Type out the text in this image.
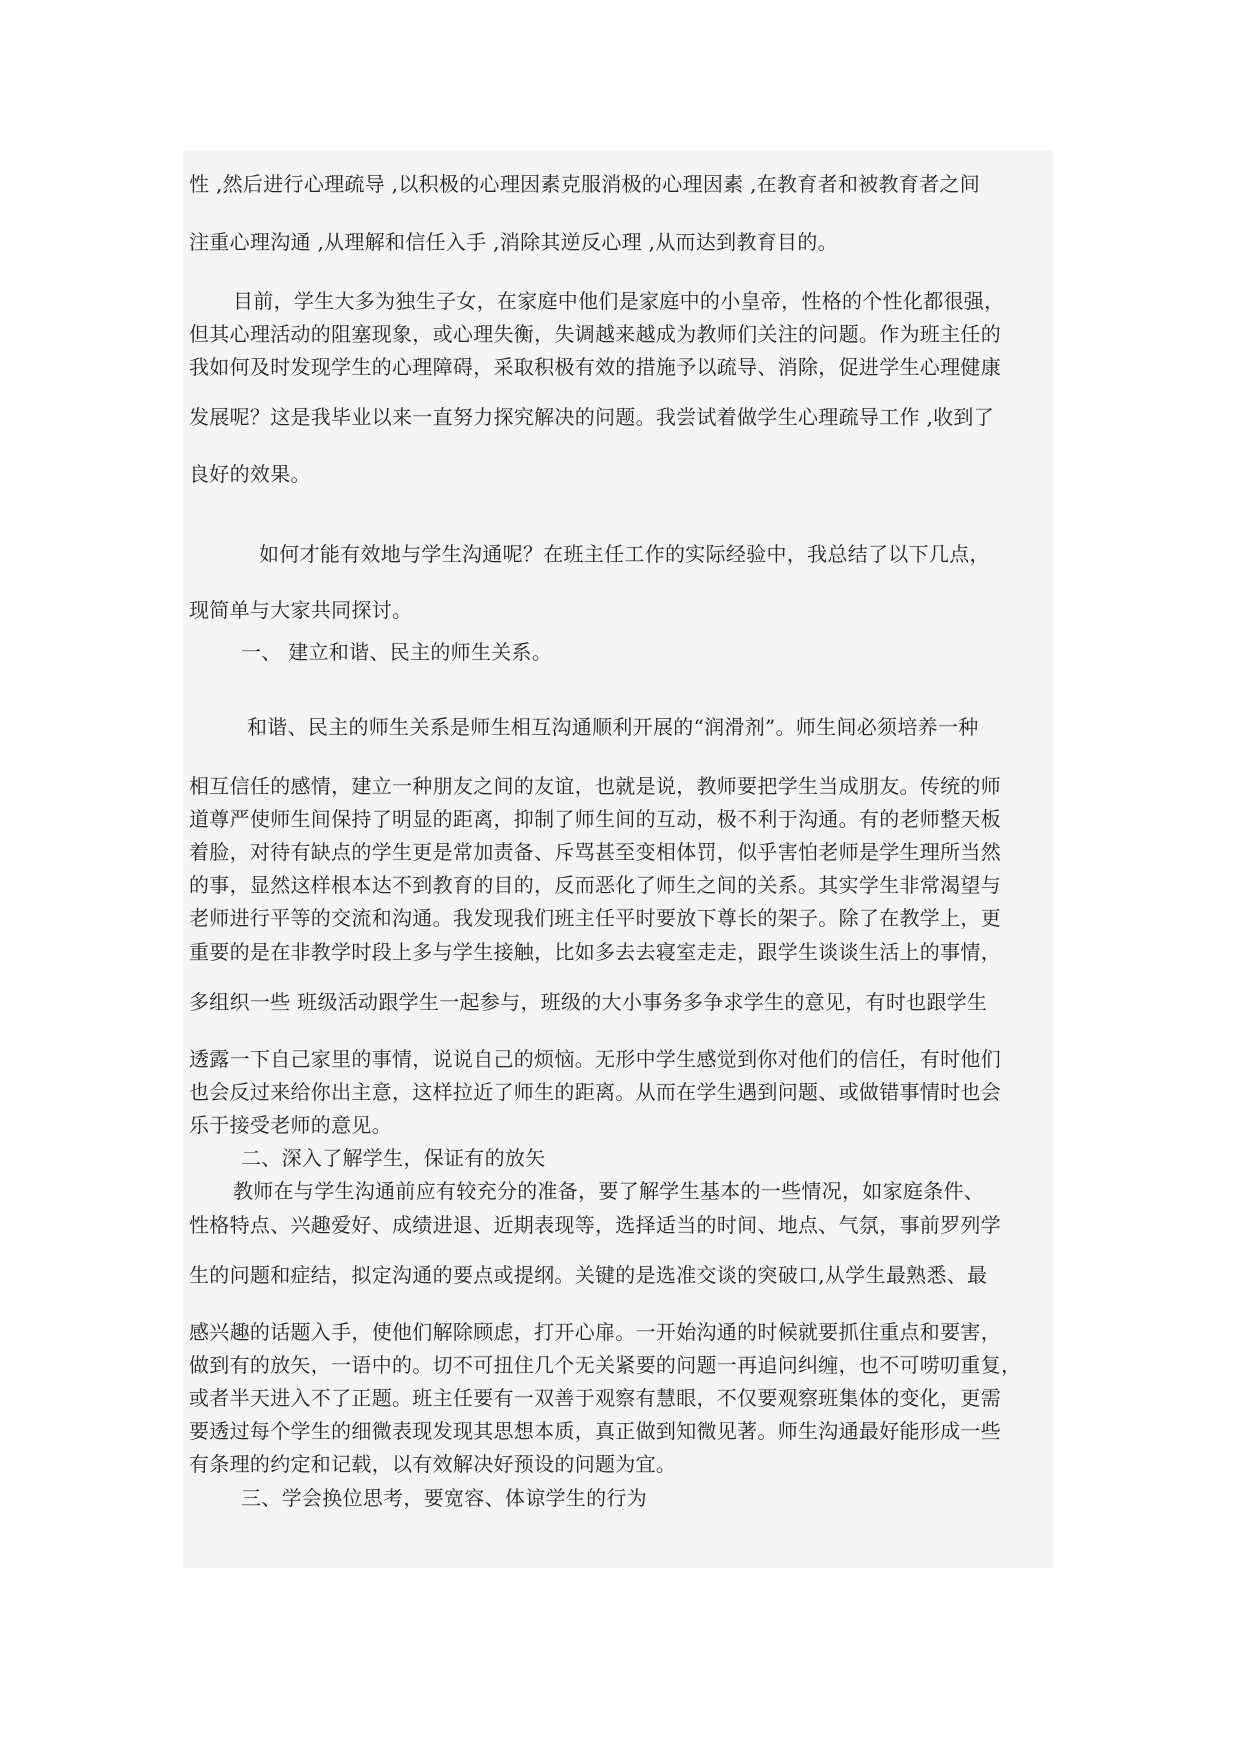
性 ,然后进行心理疏导 ,以积极的心理因素克服消极的心理因素 ,在教育者和被教育者之间
注重心理沟通 ,从理解和信任入手 ,消除其逆反心理 ,从而达到教育目的。
目前，学生大多为独生子女，在家庭中他们是家庭中的小皇帝，性格的个性化都很强，
但其心理活动的阻塞现象，或心理失衡，失调越来越成为教师们关注的问题。作为班主任的
我如何及时发现学生的心理障碍，采取积极有效的措施予以疏导、消除，促进学生心理健康
发展呢？这是我毕业以来一直努力探究解决的问题。我尝试着做学生心理疏导工作 ,收到了
良好的效果。
如何才能有效地与学生沟通呢？在班主任工作的实际经验中，我总结了以下几点，
现简单与大家共同探讨。
一、 建立和谐、民主的师生关系。
和谐、民主的师生关系是师生相互沟通顺利开展的“润滑剂”。师生间必须培养一种
相互信任的感情，建立一种朋友之间的友谊，也就是说，教师要把学生当成朋友。传统的师
道尊严使师生间保持了明显的距离，抑制了师生间的互动，极不利于沟通。有的老师整天板
着脸，对待有缺点的学生更是常加责备、斥骂甚至变相体罚，似乎害怕老师是学生理所当然
的事，显然这样根本达不到教育的目的，反而恶化了师生之间的关系。其实学生非常渴望与
老师进行平等的交流和沟通。我发现我们班主任平时要放下尊长的架子。除了在教学上，更
重要的是在非教学时段上多与学生接触，比如多去去寝室走走，跟学生谈谈生活上的事情，
多组织一些 班级活动跟学生一起参与，班级的大小事务多争求学生的意见，有时也跟学生
透露一下自己家里的事情，说说自己的烦恼。无形中学生感觉到你对他们的信任，有时他们
也会反过来给你出主意，这样拉近了师生的距离。从而在学生遇到问题、或做错事情时也会
乐于接受老师的意见。
二、深入了解学生，保证有的放矢
教师在与学生沟通前应有较充分的准备，要了解学生基本的一些情况，如家庭条件、
性格特点、兴趣爱好、成绩进退、近期表现等，选择适当的时间、地点、气氛，事前罗列学
生的问题和症结，拟定沟通的要点或提纲。关键的是选准交谈的突破口,从学生最熟悉、最
感兴趣的话题入手，使他们解除顾虑，打开心扉。一开始沟通的时候就要抓住重点和要害，
做到有的放矢，一语中的。切不可扭住几个无关紧要的问题一再追问纠缠，也不可唠叨重复，
或者半天进入不了正题。班主任要有一双善于观察有慧眼，不仅要观察班集体的变化，更需
要透过每个学生的细微表现发现其思想本质，真正做到知微见著。师生沟通最好能形成一些
有条理的约定和记载，以有效解决好预设的问题为宜。
三、学会换位思考，要宽容、体谅学生的行为
